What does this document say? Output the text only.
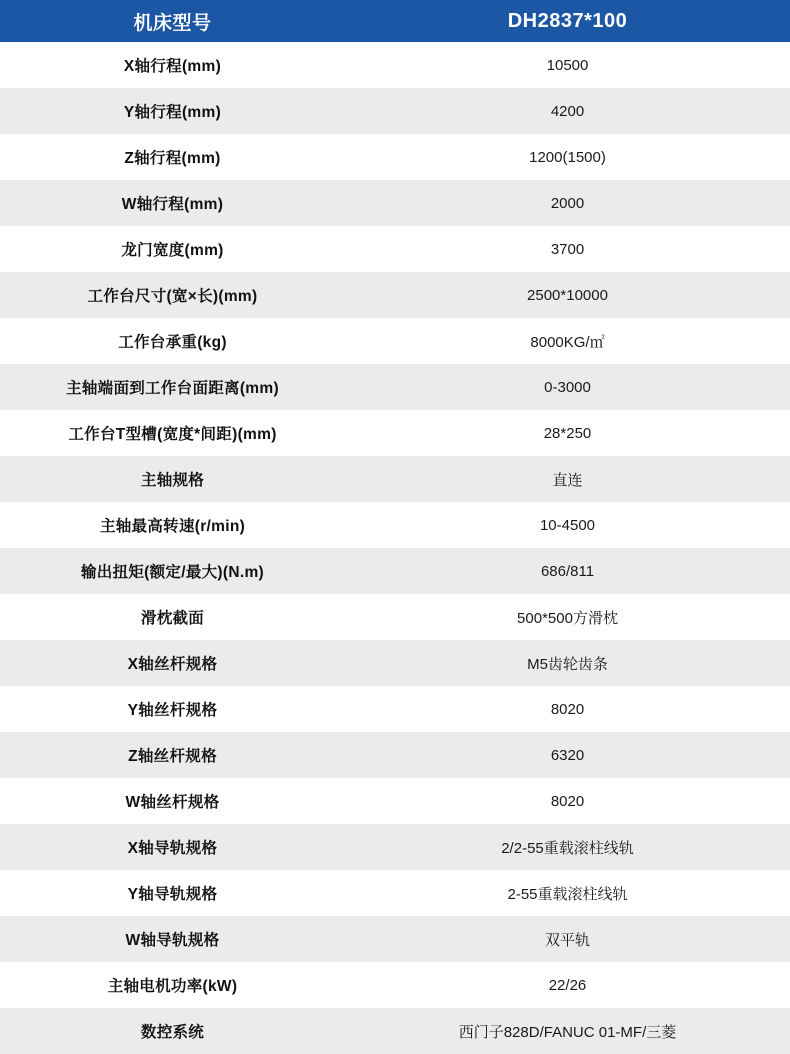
机床型号	DH2837*100
X轴行程(mm)	10500
Y轴行程(mm)	4200
Z轴行程(mm)	1200(1500)
W轴行程(mm)	2000
龙门宽度(mm)	3700
工作台尺寸(宽×长)(mm)	2500*10000
工作台承重(kg)	8000KG/㎡
主轴端面到工作台面距离(mm)	0-3000
工作台T型槽(宽度*间距)(mm)	28*250
主轴规格	直连
主轴最高转速(r/min)	10-4500
输出扭矩(额定/最大)(N.m)	686/811
滑枕截面	500*500方滑枕
X轴丝杆规格	M5齿轮齿条
Y轴丝杆规格	8020
Z轴丝杆规格	6320
W轴丝杆规格	8020
X轴导轨规格	2/2-55重载滚柱线轨
Y轴导轨规格	2-55重载滚柱线轨
W轴导轨规格	双平轨
主轴电机功率(kW)	22/26
数控系统	西门子828D/FANUC 01-MF/三菱
